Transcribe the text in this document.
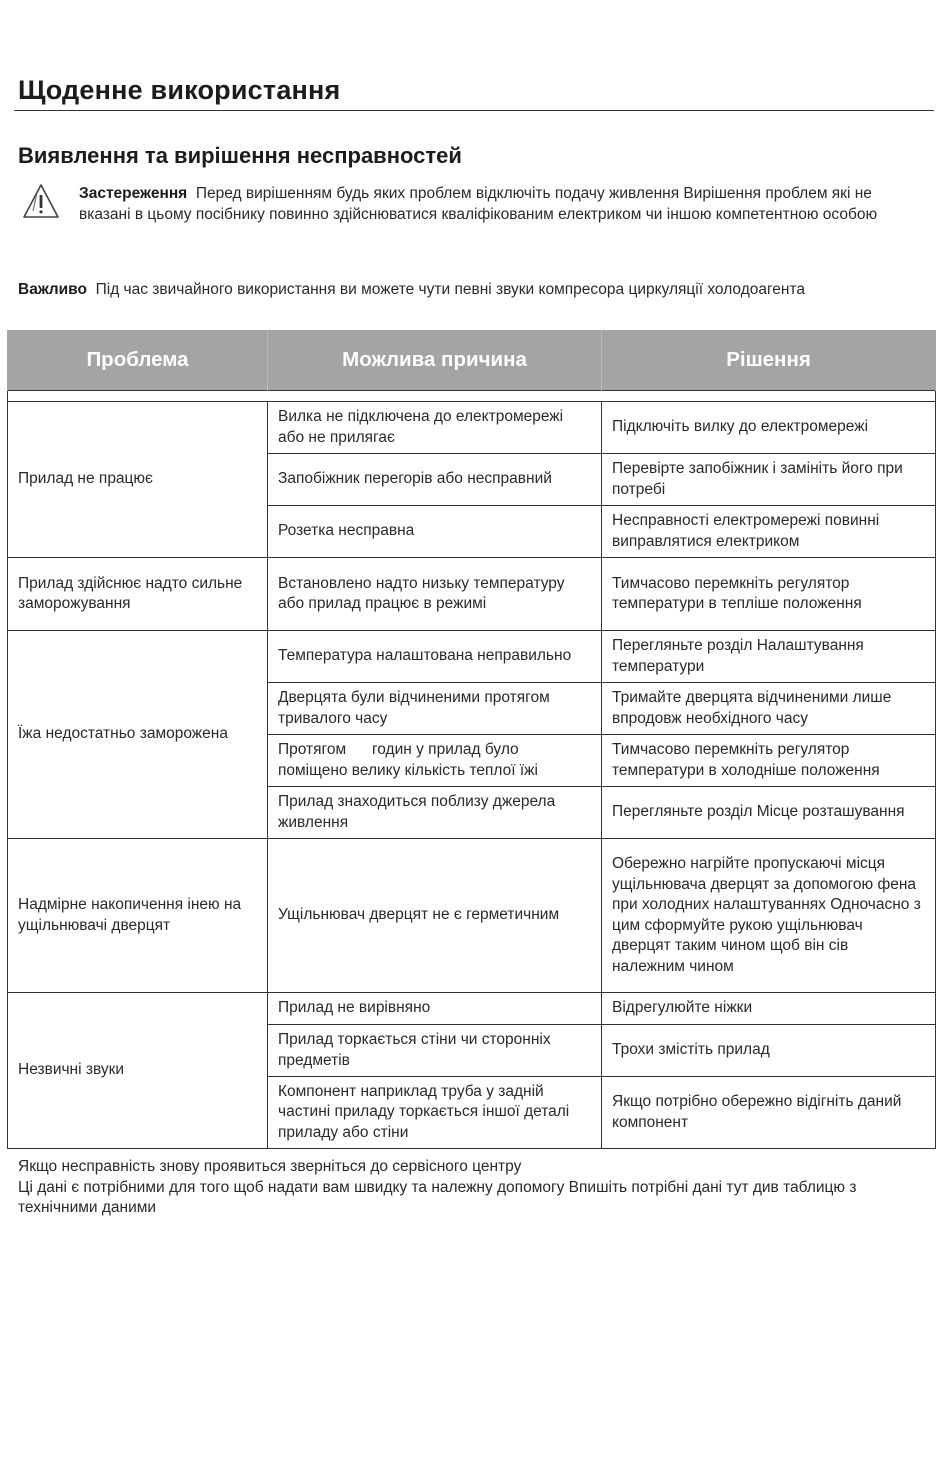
Щоденне використання
Виявлення та вирішення несправностей
Застереження Перед вирішенням будь яких проблем відключіть подачу живлення Вирішення проблем які не вказані в цьому посібнику повинно здійснюватися кваліфікованим електриком чи іншою компетентною особою
Важливо Під час звичайного використання ви можете чути певні звуки компресора циркуляції холодоагента
Проблема	Можлива причина	Рішення

Прилад не працює	Вилка не підключена до електромережі або не прилягає	Підключіть вилку до електромережі
	Запобіжник перегорів або несправний	Перевірте запобіжник і замініть його при потребі
	Розетка несправна	Несправності електромережі повинні виправлятися електриком
Прилад здійснює надто сильне заморожування	Встановлено надто низьку температуру або прилад працює в режимі	Тимчасово перемкніть регулятор температури в тепліше положення
Їжа недостатньо заморожена	Температура налаштована неправильно	Перегляньте розділ Налаштування температури
	Дверцята були відчиненими протягом тривалого часу	Тримайте дверцята відчиненими лише впродовж необхідного часу
	Протягом      годин у прилад було поміщено велику кількість теплої їжі	Тимчасово перемкніть регулятор температури в холодніше положення
	Прилад знаходиться поблизу джерела живлення	Перегляньте розділ Місце розташування
Надмірне накопичення інею на ущільнювачі дверцят	Ущільнювач дверцят не є герметичним	Обережно нагрійте пропускаючі місця ущільнювача дверцят за допомогою фена при холодних налаштуваннях Одночасно з цим сформуйте рукою ущільнювач дверцят таким чином щоб він сів належним чином
Незвичні звуки	Прилад не вирівняно	Відрегулюйте ніжки
	Прилад торкається стіни чи сторонніх предметів	Трохи змістіть прилад
	Компонент наприклад труба у задній частині приладу торкається іншої деталі приладу або стіни	Якщо потрібно обережно відігніть даний компонент

Якщо несправність знову проявиться зверніться до сервісного центру

Ці дані є потрібними для того щоб надати вам швидку та належну допомогу Впишіть потрібні дані тут див таблицю з технічними даними
